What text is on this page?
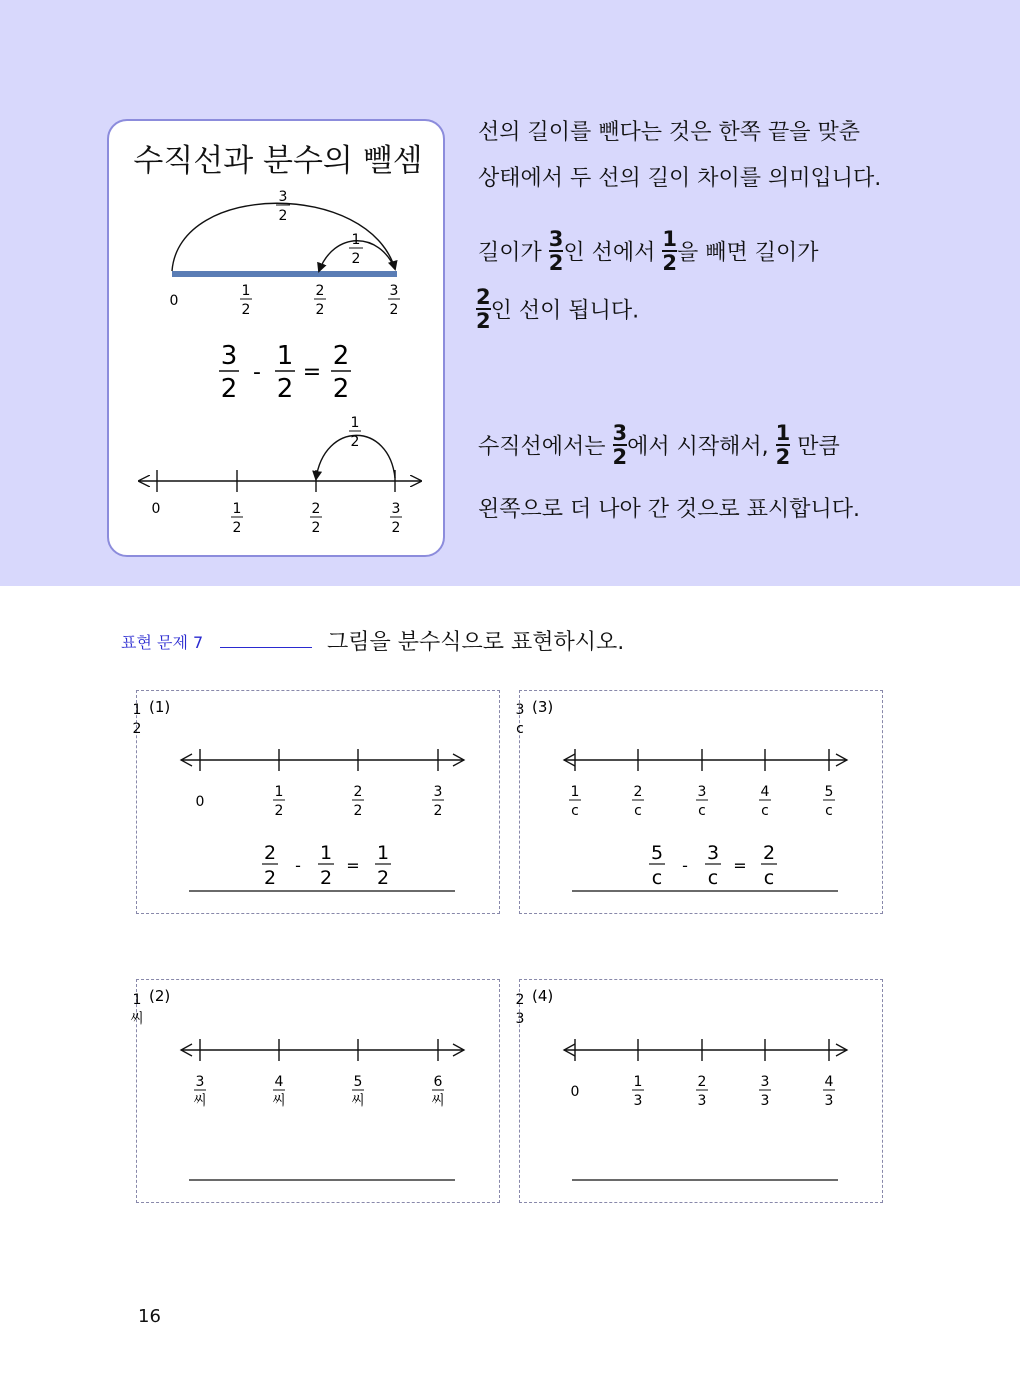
수직선과 분수의 뺄셈
3
2
1
2
0
1
2
2
2
3
2
3
2
-
1
2
=
2
2
1
2
0	1
2
2
2
3
2

선의 길이를 뺀다는 것은 한쪽 끝을 맞춘
상태에서 두 선의 길이 차이를 의미입니다.

길이가 $\frac{3}{2}$ 인 선에서 $\frac{1}{2}$ 을 빼면 길이가
$\frac{2}{2}$ 인 선이 됩니다.
수직선에서는 $\frac{3}{2}$ 에서 시작해서, $\frac{1}{2}$ 만큼
왼쪽으로 더 나아 간 것으로 표시합니다.
표현 문제 7	그림을 분수식으로 표현하시오.
(1)
0
1
2
2
2
3
2
1
2
2
2
1
2
1
2
-	=
(3)
1
c
2
c
3
c
4
c
5
c
3
c
5
c
3
c
2
c
-	=
(2)
3
씨
4
씨
5
씨
6
씨
1
씨
(4)
0
1
3
2
3
3
3
4
3
2
3
16
